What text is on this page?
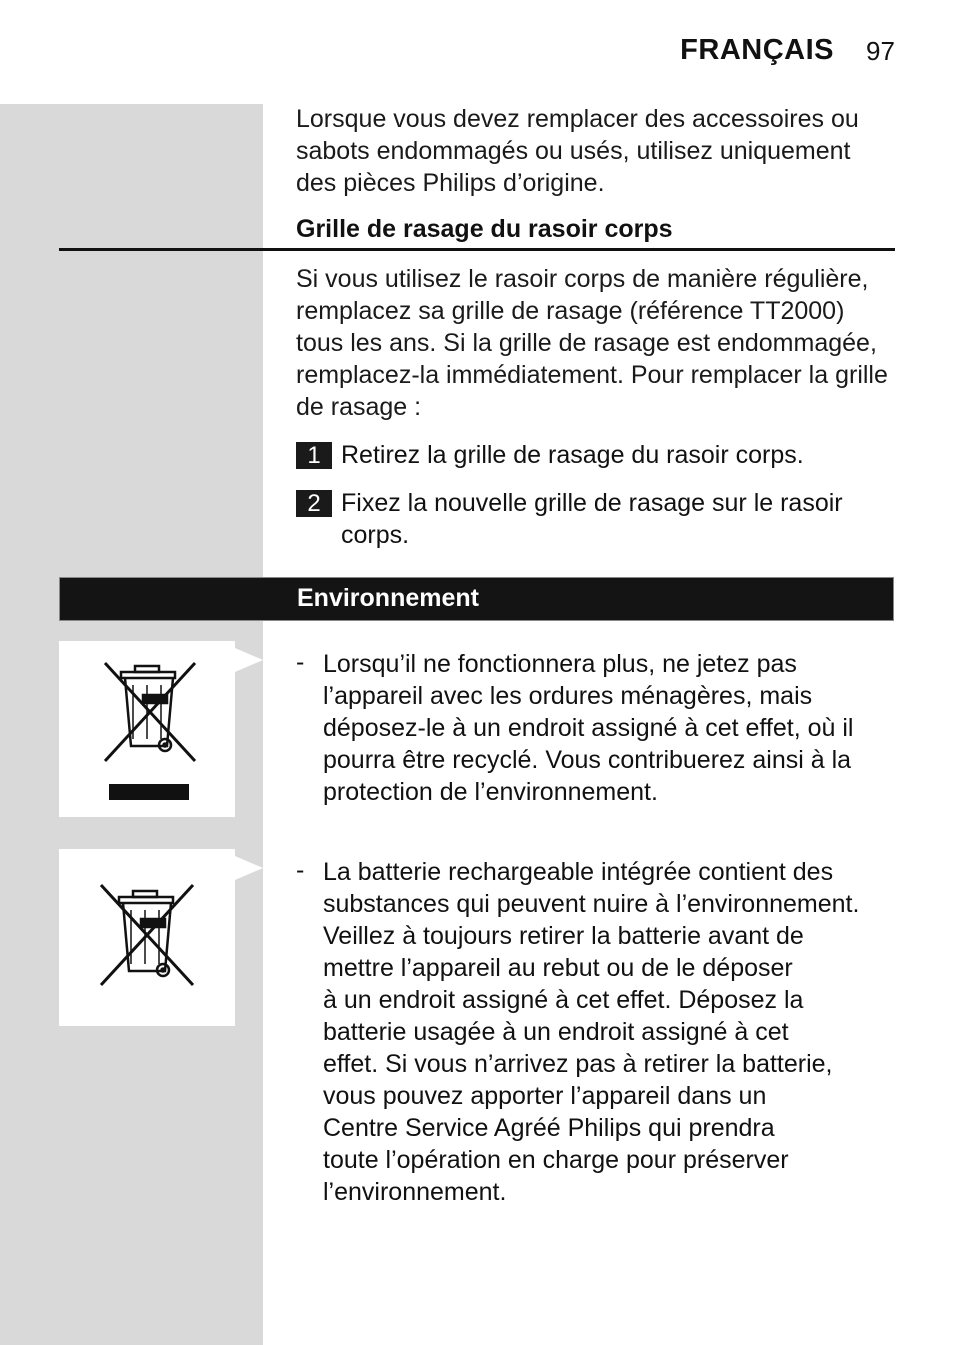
FRANÇAIS 97
Lorsque vous devez remplacer des accessoires ou
sabots endommagés ou usés, utilisez uniquement
des pièces Philips d’origine.
Grille de rasage du rasoir corps
Si vous utilisez le rasoir corps de manière régulière,
remplacez sa grille de rasage (référence TT2000)
tous les ans. Si la grille de rasage est endommagée,
remplacez-la immédiatement. Pour remplacer la grille
de rasage :
1 Retirez la grille de rasage du rasoir corps.
2 Fixez la nouvelle grille de rasage sur le rasoir
corps.
Environnement
- Lorsqu’il ne fonctionnera plus, ne jetez pas
l’appareil avec les ordures ménagères, mais
déposez-le à un endroit assigné à cet effet, où il
pourra être recyclé. Vous contribuerez ainsi à la
protection de l’environnement.
- La batterie rechargeable intégrée contient des
substances qui peuvent nuire à l’environnement.
Veillez à toujours retirer la batterie avant de
mettre l’appareil au rebut ou de le déposer
à un endroit assigné à cet effet. Déposez la
batterie usagée à un endroit assigné à cet
effet. Si vous n’arrivez pas à retirer la batterie,
vous pouvez apporter l’appareil dans un
Centre Service Agréé Philips qui prendra
toute l’opération en charge pour préserver
l’environnement.
